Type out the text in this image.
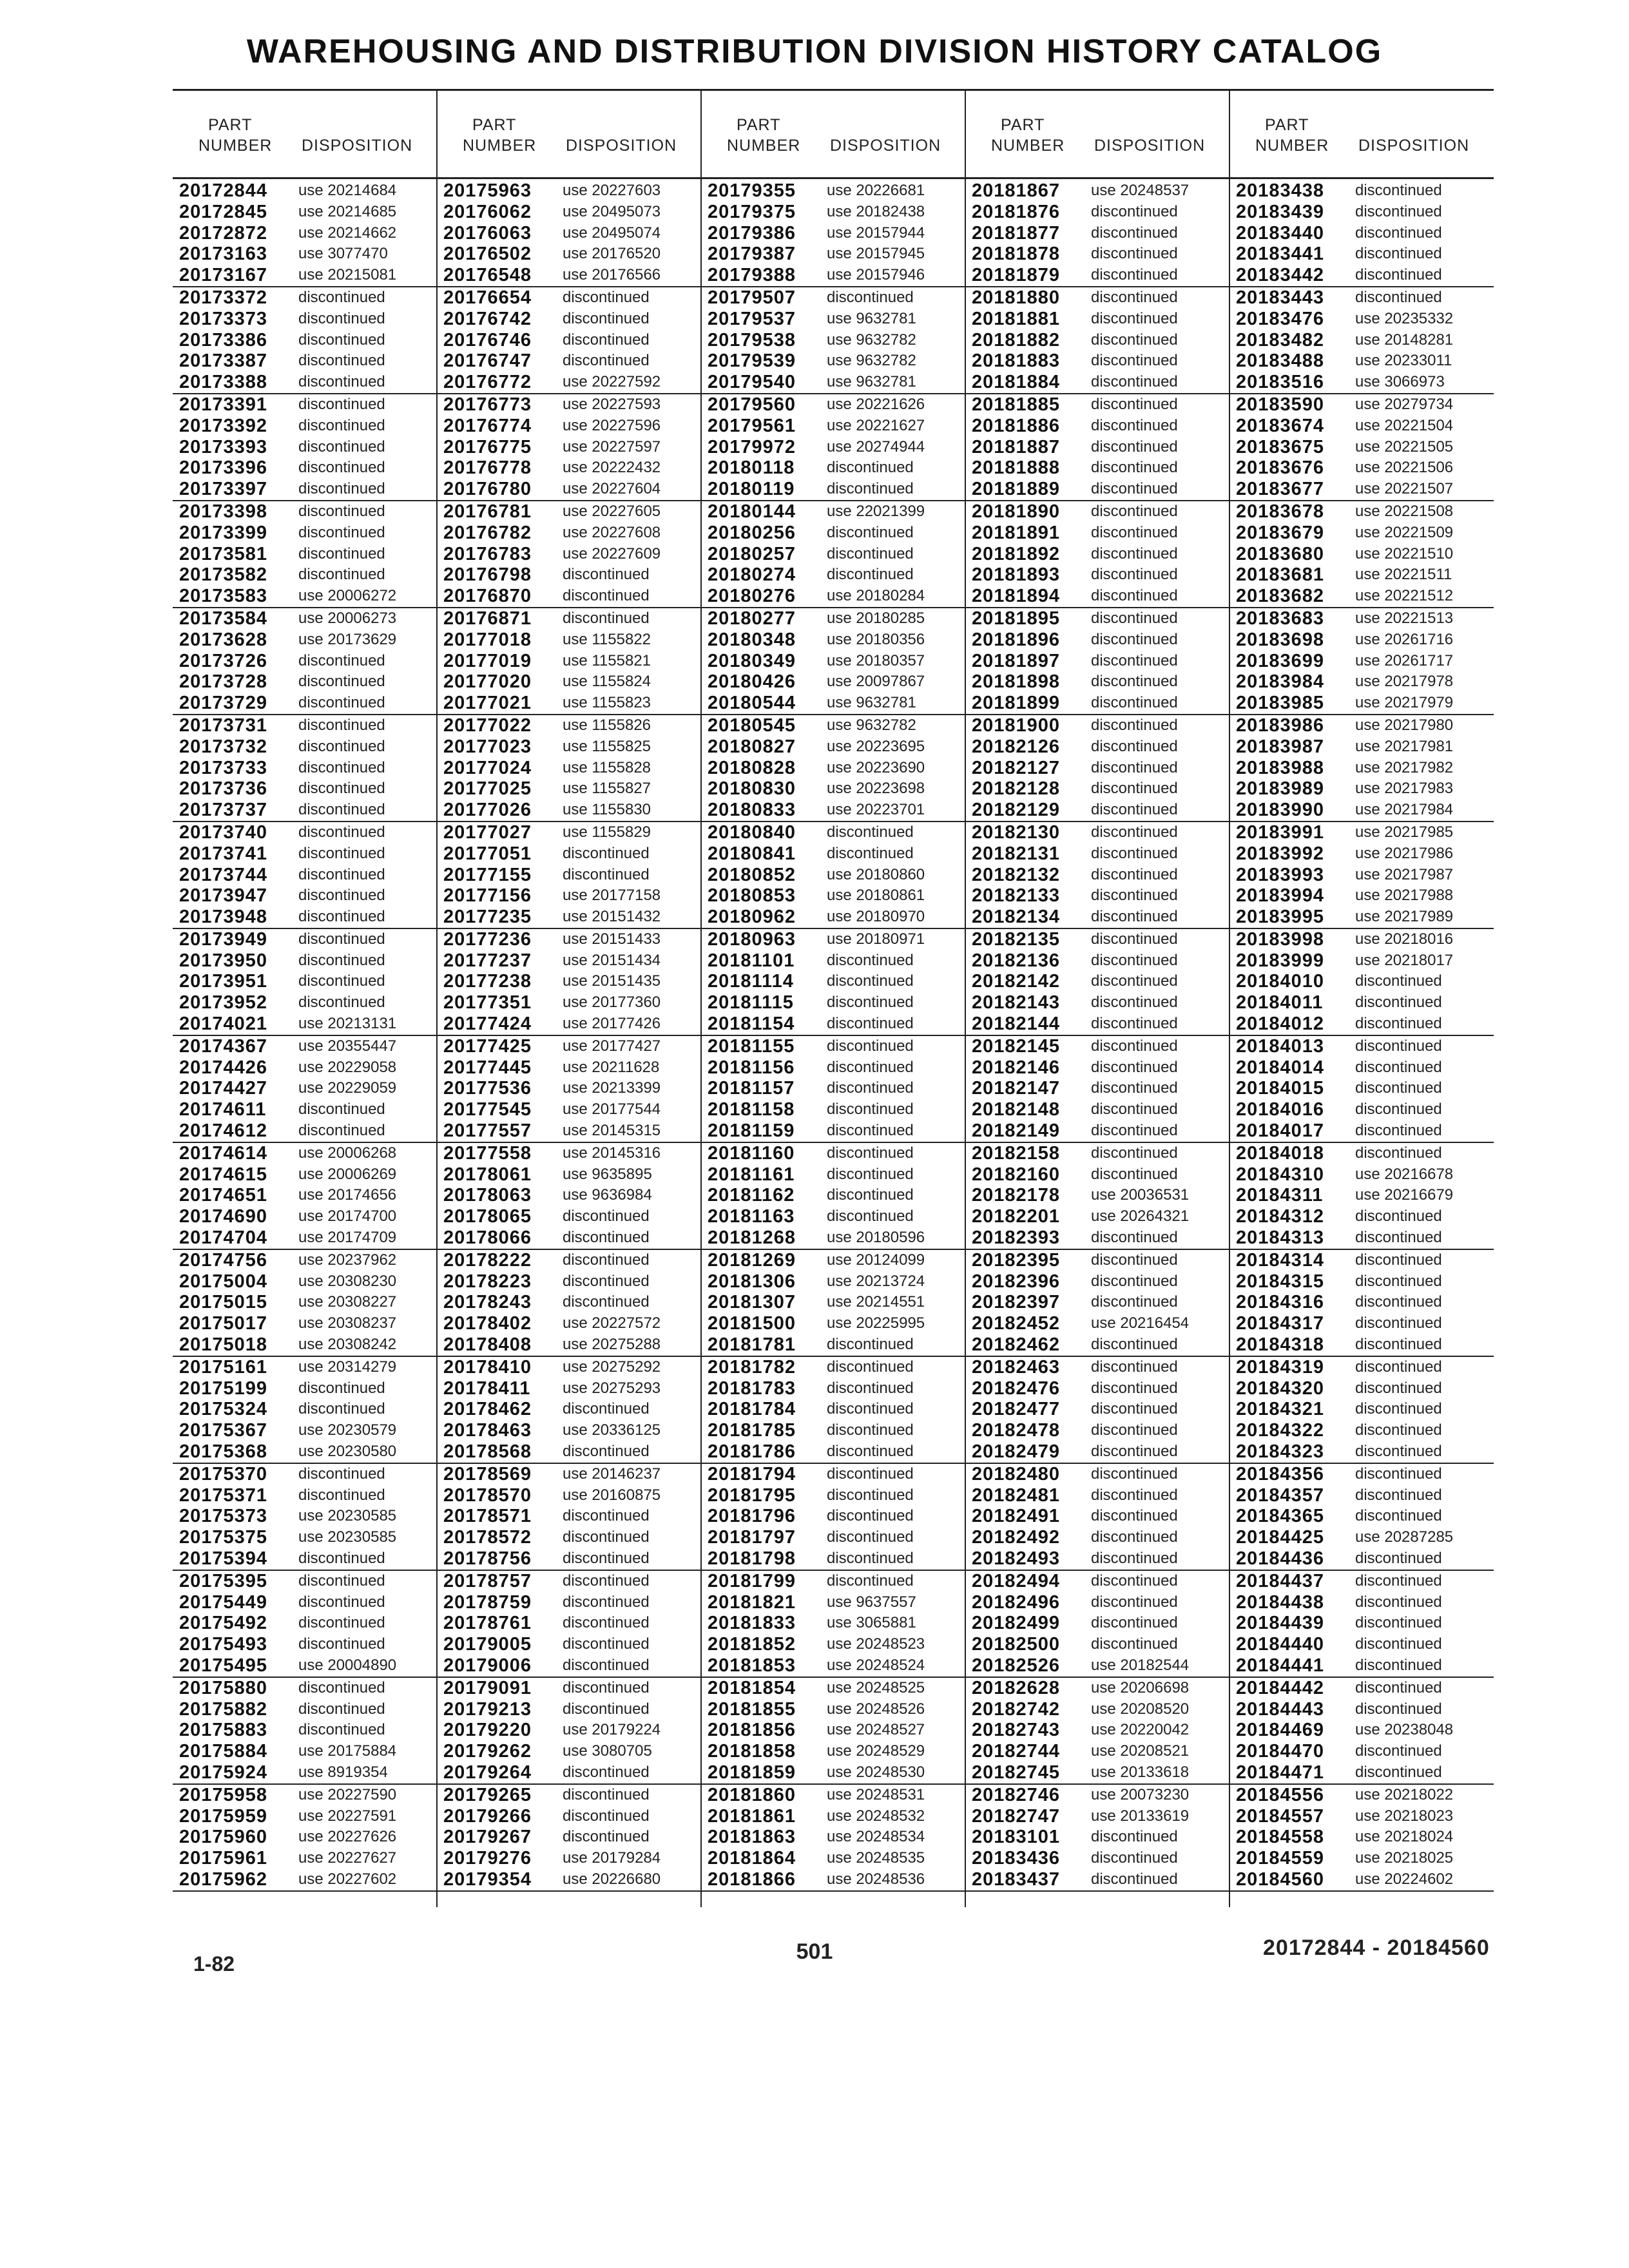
WAREHOUSING AND DISTRIBUTION DIVISION HISTORY CATALOG
PART
NUMBER DISPOSITION
20172844 use 20214684
20172845 use 20214685
20172872 use 20214662
20173163 use 3077470
20173167 use 20215081
20173372 discontinued
20173373 discontinued
20173386 discontinued
20173387 discontinued
20173388 discontinued
20173391 discontinued
20173392 discontinued
20173393 discontinued
20173396 discontinued
20173397 discontinued
20173398 discontinued
20173399 discontinued
20173581 discontinued
20173582 discontinued
20173583 use 20006272
20173584 use 20006273
20173628 use 20173629
20173726 discontinued
20173728 discontinued
20173729 discontinued
20173731 discontinued
20173732 discontinued
20173733 discontinued
20173736 discontinued
20173737 discontinued
20173740 discontinued
20173741 discontinued
20173744 discontinued
20173947 discontinued
20173948 discontinued
20173949 discontinued
20173950 discontinued
20173951 discontinued
20173952 discontinued
20174021 use 20213131
20174367 use 20355447
20174426 use 20229058
20174427 use 20229059
20174611 discontinued
20174612 discontinued
20174614 use 20006268
20174615 use 20006269
20174651 use 20174656
20174690 use 20174700
20174704 use 20174709
20174756 use 20237962
20175004 use 20308230
20175015 use 20308227
20175017 use 20308237
20175018 use 20308242
20175161 use 20314279
20175199 discontinued
20175324 discontinued
20175367 use 20230579
20175368 use 20230580
20175370 discontinued
20175371 discontinued
20175373 use 20230585
20175375 use 20230585
20175394 discontinued
20175395 discontinued
20175449 discontinued
20175492 discontinued
20175493 discontinued
20175495 use 20004890
20175880 discontinued
20175882 discontinued
20175883 discontinued
20175884 use 20175884
20175924 use 8919354
20175958 use 20227590
20175959 use 20227591
20175960 use 20227626
20175961 use 20227627
20175962 use 20227602
PART
NUMBER DISPOSITION
20175963 use 20227603
20176062 use 20495073
20176063 use 20495074
20176502 use 20176520
20176548 use 20176566
20176654 discontinued
20176742 discontinued
20176746 discontinued
20176747 discontinued
20176772 use 20227592
20176773 use 20227593
20176774 use 20227596
20176775 use 20227597
20176778 use 20222432
20176780 use 20227604
20176781 use 20227605
20176782 use 20227608
20176783 use 20227609
20176798 discontinued
20176870 discontinued
20176871 discontinued
20177018 use 1155822
20177019 use 1155821
20177020 use 1155824
20177021 use 1155823
20177022 use 1155826
20177023 use 1155825
20177024 use 1155828
20177025 use 1155827
20177026 use 1155830
20177027 use 1155829
20177051 discontinued
20177155 discontinued
20177156 use 20177158
20177235 use 20151432
20177236 use 20151433
20177237 use 20151434
20177238 use 20151435
20177351 use 20177360
20177424 use 20177426
20177425 use 20177427
20177445 use 20211628
20177536 use 20213399
20177545 use 20177544
20177557 use 20145315
20177558 use 20145316
20178061 use 9635895
20178063 use 9636984
20178065 discontinued
20178066 discontinued
20178222 discontinued
20178223 discontinued
20178243 discontinued
20178402 use 20227572
20178408 use 20275288
20178410 use 20275292
20178411 use 20275293
20178462 discontinued
20178463 use 20336125
20178568 discontinued
20178569 use 20146237
20178570 use 20160875
20178571 discontinued
20178572 discontinued
20178756 discontinued
20178757 discontinued
20178759 discontinued
20178761 discontinued
20179005 discontinued
20179006 discontinued
20179091 discontinued
20179213 discontinued
20179220 use 20179224
20179262 use 3080705
20179264 discontinued
20179265 discontinued
20179266 discontinued
20179267 discontinued
20179276 use 20179284
20179354 use 20226680
PART
NUMBER DISPOSITION
20179355 use 20226681
20179375 use 20182438
20179386 use 20157944
20179387 use 20157945
20179388 use 20157946
20179507 discontinued
20179537 use 9632781
20179538 use 9632782
20179539 use 9632782
20179540 use 9632781
20179560 use 20221626
20179561 use 20221627
20179972 use 20274944
20180118 discontinued
20180119 discontinued
20180144 use 22021399
20180256 discontinued
20180257 discontinued
20180274 discontinued
20180276 use 20180284
20180277 use 20180285
20180348 use 20180356
20180349 use 20180357
20180426 use 20097867
20180544 use 9632781
20180545 use 9632782
20180827 use 20223695
20180828 use 20223690
20180830 use 20223698
20180833 use 20223701
20180840 discontinued
20180841 discontinued
20180852 use 20180860
20180853 use 20180861
20180962 use 20180970
20180963 use 20180971
20181101 discontinued
20181114 discontinued
20181115 discontinued
20181154 discontinued
20181155 discontinued
20181156 discontinued
20181157 discontinued
20181158 discontinued
20181159 discontinued
20181160 discontinued
20181161 discontinued
20181162 discontinued
20181163 discontinued
20181268 use 20180596
20181269 use 20124099
20181306 use 20213724
20181307 use 20214551
20181500 use 20225995
20181781 discontinued
20181782 discontinued
20181783 discontinued
20181784 discontinued
20181785 discontinued
20181786 discontinued
20181794 discontinued
20181795 discontinued
20181796 discontinued
20181797 discontinued
20181798 discontinued
20181799 discontinued
20181821 use 9637557
20181833 use 3065881
20181852 use 20248523
20181853 use 20248524
20181854 use 20248525
20181855 use 20248526
20181856 use 20248527
20181858 use 20248529
20181859 use 20248530
20181860 use 20248531
20181861 use 20248532
20181863 use 20248534
20181864 use 20248535
20181866 use 20248536
PART
NUMBER DISPOSITION
20181867 use 20248537
20181876 discontinued
20181877 discontinued
20181878 discontinued
20181879 discontinued
20181880 discontinued
20181881 discontinued
20181882 discontinued
20181883 discontinued
20181884 discontinued
20181885 discontinued
20181886 discontinued
20181887 discontinued
20181888 discontinued
20181889 discontinued
20181890 discontinued
20181891 discontinued
20181892 discontinued
20181893 discontinued
20181894 discontinued
20181895 discontinued
20181896 discontinued
20181897 discontinued
20181898 discontinued
20181899 discontinued
20181900 discontinued
20182126 discontinued
20182127 discontinued
20182128 discontinued
20182129 discontinued
20182130 discontinued
20182131 discontinued
20182132 discontinued
20182133 discontinued
20182134 discontinued
20182135 discontinued
20182136 discontinued
20182142 discontinued
20182143 discontinued
20182144 discontinued
20182145 discontinued
20182146 discontinued
20182147 discontinued
20182148 discontinued
20182149 discontinued
20182158 discontinued
20182160 discontinued
20182178 use 20036531
20182201 use 20264321
20182393 discontinued
20182395 discontinued
20182396 discontinued
20182397 discontinued
20182452 use 20216454
20182462 discontinued
20182463 discontinued
20182476 discontinued
20182477 discontinued
20182478 discontinued
20182479 discontinued
20182480 discontinued
20182481 discontinued
20182491 discontinued
20182492 discontinued
20182493 discontinued
20182494 discontinued
20182496 discontinued
20182499 discontinued
20182500 discontinued
20182526 use 20182544
20182628 use 20206698
20182742 use 20208520
20182743 use 20220042
20182744 use 20208521
20182745 use 20133618
20182746 use 20073230
20182747 use 20133619
20183101 discontinued
20183436 discontinued
20183437 discontinued
PART
NUMBER DISPOSITION
20183438 discontinued
20183439 discontinued
20183440 discontinued
20183441 discontinued
20183442 discontinued
20183443 discontinued
20183476 use 20235332
20183482 use 20148281
20183488 use 20233011
20183516 use 3066973
20183590 use 20279734
20183674 use 20221504
20183675 use 20221505
20183676 use 20221506
20183677 use 20221507
20183678 use 20221508
20183679 use 20221509
20183680 use 20221510
20183681 use 20221511
20183682 use 20221512
20183683 use 20221513
20183698 use 20261716
20183699 use 20261717
20183984 use 20217978
20183985 use 20217979
20183986 use 20217980
20183987 use 20217981
20183988 use 20217982
20183989 use 20217983
20183990 use 20217984
20183991 use 20217985
20183992 use 20217986
20183993 use 20217987
20183994 use 20217988
20183995 use 20217989
20183998 use 20218016
20183999 use 20218017
20184010 discontinued
20184011 discontinued
20184012 discontinued
20184013 discontinued
20184014 discontinued
20184015 discontinued
20184016 discontinued
20184017 discontinued
20184018 discontinued
20184310 use 20216678
20184311 use 20216679
20184312 discontinued
20184313 discontinued
20184314 discontinued
20184315 discontinued
20184316 discontinued
20184317 discontinued
20184318 discontinued
20184319 discontinued
20184320 discontinued
20184321 discontinued
20184322 discontinued
20184323 discontinued
20184356 discontinued
20184357 discontinued
20184365 discontinued
20184425 use 20287285
20184436 discontinued
20184437 discontinued
20184438 discontinued
20184439 discontinued
20184440 discontinued
20184441 discontinued
20184442 discontinued
20184443 discontinued
20184469 use 20238048
20184470 discontinued
20184471 discontinued
20184556 use 20218022
20184557 use 20218023
20184558 use 20218024
20184559 use 20218025
20184560 use 20224602
1-82	501	20172844 - 20184560
